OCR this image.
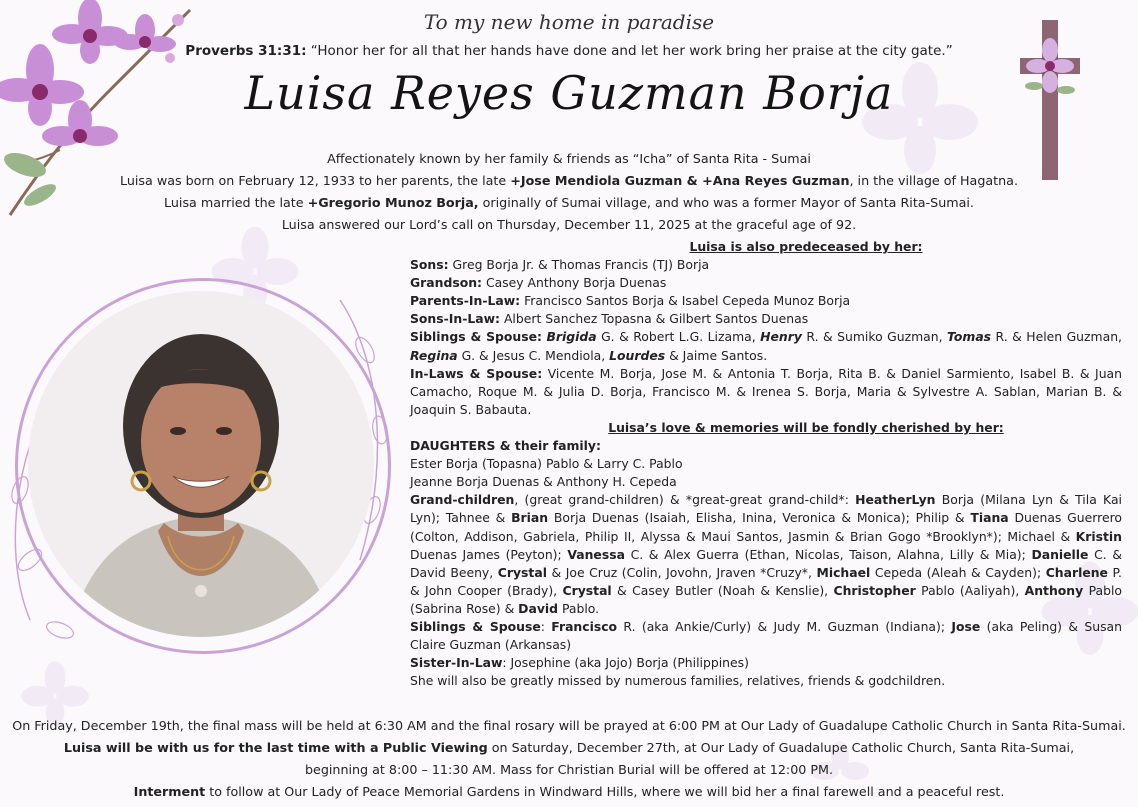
To my new home in paradise
Proverbs 31:31: “Honor her for all that her hands have done and let her work bring her praise at the city gate.”
Luisa Reyes Guzman Borja
Affectionately known by her family & friends as “Icha” of Santa Rita - Sumai
Luisa was born on February 12, 1933 to her parents, the late +Jose Mendiola Guzman & +Ana Reyes Guzman, in the village of Hagatna.
Luisa married the late +Gregorio Munoz Borja, originally of Sumai village, and who was a former Mayor of Santa Rita-Sumai.
Luisa answered our Lord’s call on Thursday, December 11, 2025 at the graceful age of 92.

Luisa is also predeceased by her:

Sons: Greg Borja Jr. & Thomas Francis (TJ) Borja

Grandson: Casey Anthony Borja Duenas

Parents-In-Law: Francisco Santos Borja & Isabel Cepeda Munoz Borja

Sons-In-Law: Albert Sanchez Topasna & Gilbert Santos Duenas

Siblings & Spouse: Brigida G. & Robert L.G. Lizama, Henry R. & Sumiko Guzman, Tomas R. & Helen Guzman, Regina G. & Jesus C. Mendiola, Lourdes & Jaime Santos.

In-Laws & Spouse: Vicente M. Borja, Jose M. & Antonia T. Borja, Rita B. & Daniel Sarmiento, Isabel B. & Juan Camacho, Roque M. & Julia D. Borja, Francisco M. & Irenea S. Borja, Maria & Sylvestre A. Sablan, Marian B. & Joaquin S. Babauta.

Luisa’s love & memories will be fondly cherished by her:

DAUGHTERS & their family:

Ester Borja (Topasna) Pablo & Larry C. Pablo

Jeanne Borja Duenas & Anthony H. Cepeda

Grand-children, (great grand-children) & *great-great grand-child*: HeatherLyn Borja (Milana Lyn & Tila Kai Lyn); Tahnee & Brian Borja Duenas (Isaiah, Elisha, Inina, Veronica & Monica); Philip & Tiana Duenas Guerrero (Colton, Addison, Gabriela, Philip II, Alyssa & Maui Santos, Jasmin & Brian Gogo *Brooklyn*); Michael & Kristin Duenas James (Peyton); Vanessa C. & Alex Guerra (Ethan, Nicolas, Taison, Alahna, Lilly & Mia); Danielle C. & David Beeny, Crystal & Joe Cruz (Colin, Jovohn, Jraven *Cruzy*, Michael Cepeda (Aleah & Cayden); Charlene P. & John Cooper (Brady), Crystal & Casey Butler (Noah & Kenslie), Christopher Pablo (Aaliyah), Anthony Pablo (Sabrina Rose) & David Pablo.

Siblings & Spouse: Francisco R. (aka Ankie/Curly) & Judy M. Guzman (Indiana); Jose (aka Peling) & Susan Claire Guzman (Arkansas)

Sister-In-Law: Josephine (aka Jojo) Borja (Philippines)

She will also be greatly missed by numerous families, relatives, friends & godchildren.

On Friday, December 19th, the final mass will be held at 6:30 AM and the final rosary will be prayed at 6:00 PM at Our Lady of Guadalupe Catholic Church in Santa Rita-Sumai.
Luisa will be with us for the last time with a Public Viewing on Saturday, December 27th, at Our Lady of Guadalupe Catholic Church, Santa Rita-Sumai,
beginning at 8:00 – 11:30 AM. Mass for Christian Burial will be offered at 12:00 PM.
Interment to follow at Our Lady of Peace Memorial Gardens in Windward Hills, where we will bid her a final farewell and a peaceful rest.
